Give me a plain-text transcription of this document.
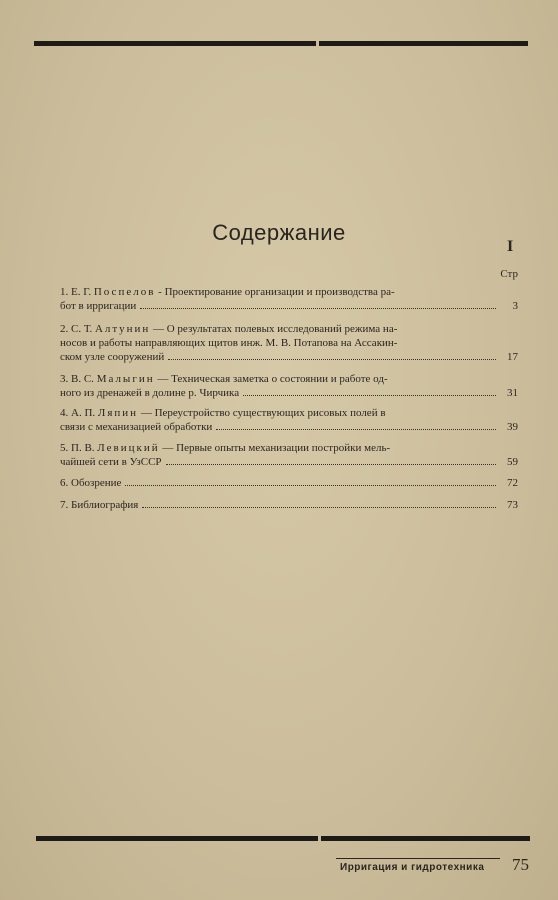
Содержание
I
Стр
1. Е. Г. Поспелов - Проектирование организации и производства ра-
бот в ирригации	3
2. С. Т. Алтунин — О результатах полевых исследований режима на-
носов и работы направляющих щитов инж. М. В. Потапова на Ассакин-
ском узле сооружений	17
3. В. С. Малыгин — Техническая заметка о состоянии и работе од-
ного из дренажей в долине р. Чирчика	31
4. А. П. Ляпин — Переустройство существующих рисовых полей в
связи с механизацией обработки	39
5. П. В. Левицкий — Первые опыты механизации постройки мель-
чайшей сети в УзССР	59
6. Обозрение	72
7. Библиография	73
Ирригация и гидротехника 75
